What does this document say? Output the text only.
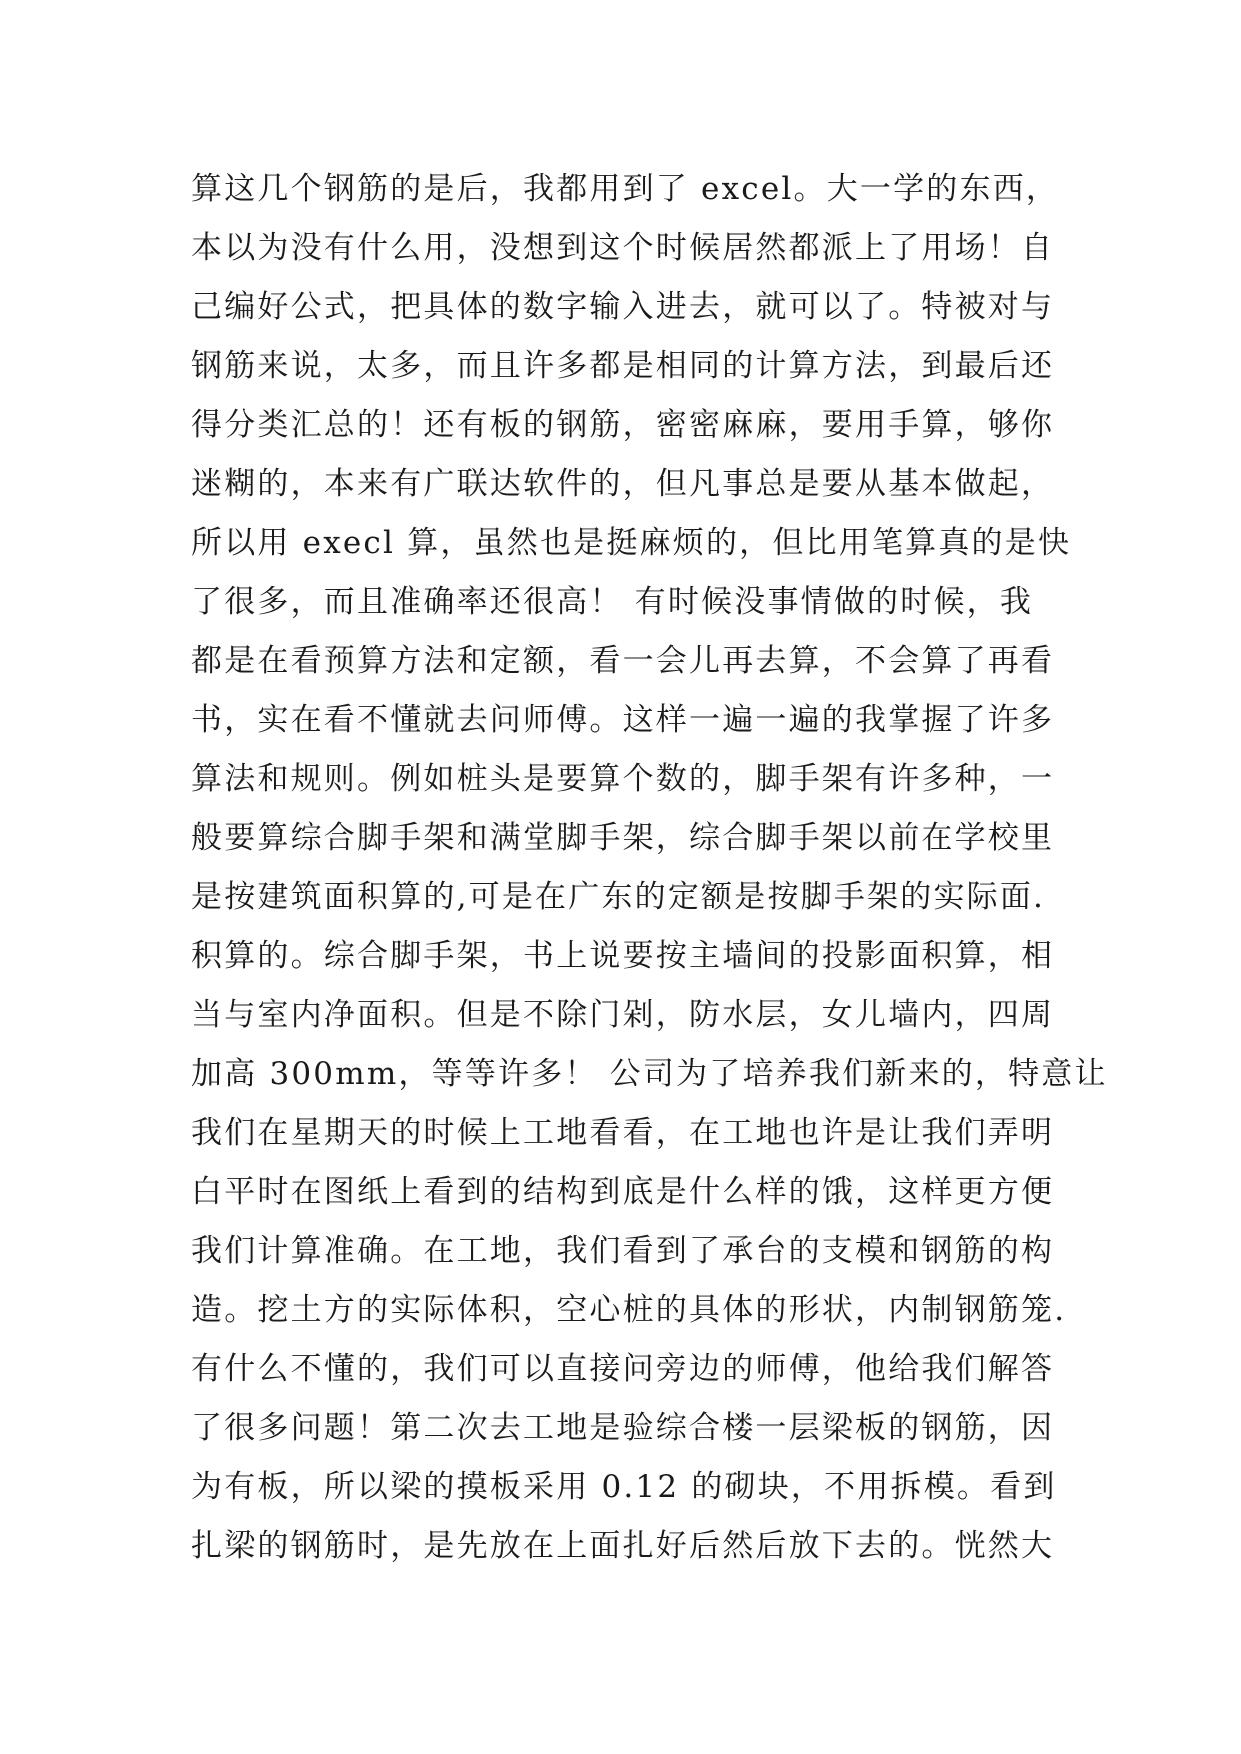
算这几个钢筋的是后，我都用到了 excel。大一学的东西，
本以为没有什么用，没想到这个时候居然都派上了用场！自
己编好公式，把具体的数字输入进去，就可以了。特被对与
钢筋来说，太多，而且许多都是相同的计算方法，到最后还
得分类汇总的！还有板的钢筋，密密麻麻，要用手算，够你
迷糊的，本来有广联达软件的，但凡事总是要从基本做起，
所以用 execl 算，虽然也是挺麻烦的，但比用笔算真的是快
了很多，而且准确率还很高！ 有时候没事情做的时候，我
都是在看预算方法和定额，看一会儿再去算，不会算了再看
书，实在看不懂就去问师傅。这样一遍一遍的我掌握了许多
算法和规则。例如桩头是要算个数的，脚手架有许多种，一
般要算综合脚手架和满堂脚手架，综合脚手架以前在学校里
是按建筑面积算的,可是在广东的定额是按脚手架的实际面.
积算的。综合脚手架，书上说要按主墙间的投影面积算，相
当与室内净面积。但是不除门剁，防水层，女儿墙内，四周
加高 300mm，等等许多！ 公司为了培养我们新来的，特意让
我们在星期天的时候上工地看看，在工地也许是让我们弄明
白平时在图纸上看到的结构到底是什么样的饿，这样更方便
我们计算准确。在工地，我们看到了承台的支模和钢筋的构
造。挖土方的实际体积，空心桩的具体的形状，内制钢筋笼.
有什么不懂的，我们可以直接问旁边的师傅，他给我们解答
了很多问题！第二次去工地是验综合楼一层梁板的钢筋，因
为有板，所以梁的摸板采用 0.12 的砌块，不用拆模。看到
扎梁的钢筋时，是先放在上面扎好后然后放下去的。恍然大
